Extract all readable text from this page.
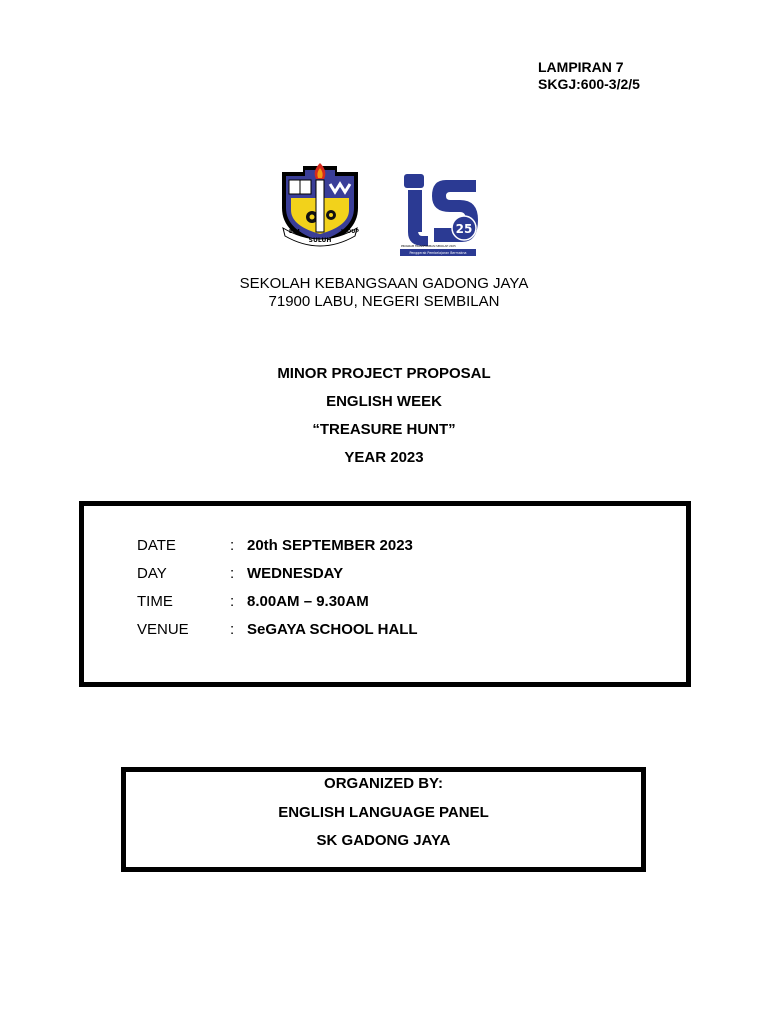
LAMPIRAN 7
SKGJ:600-3/2/5
B.M.
SULUH
HIDUP	25
PROGRAM TRANSFORMASI SEKOLAH 2025
Penggerak Pembelajaran Bermakna
SEKOLAH KEBANGSAAN GADONG JAYA
71900 LABU, NEGERI SEMBILAN
MINOR PROJECT PROPOSAL
ENGLISH WEEK
“TREASURE HUNT”
YEAR 2023
DATE	: 20th SEPTEMBER 2023
DAY	: WEDNESDAY
TIME	: 8.00AM – 9.30AM
VENUE	: SeGAYA SCHOOL HALL
ORGANIZED BY:
ENGLISH LANGUAGE PANEL
SK GADONG JAYA
